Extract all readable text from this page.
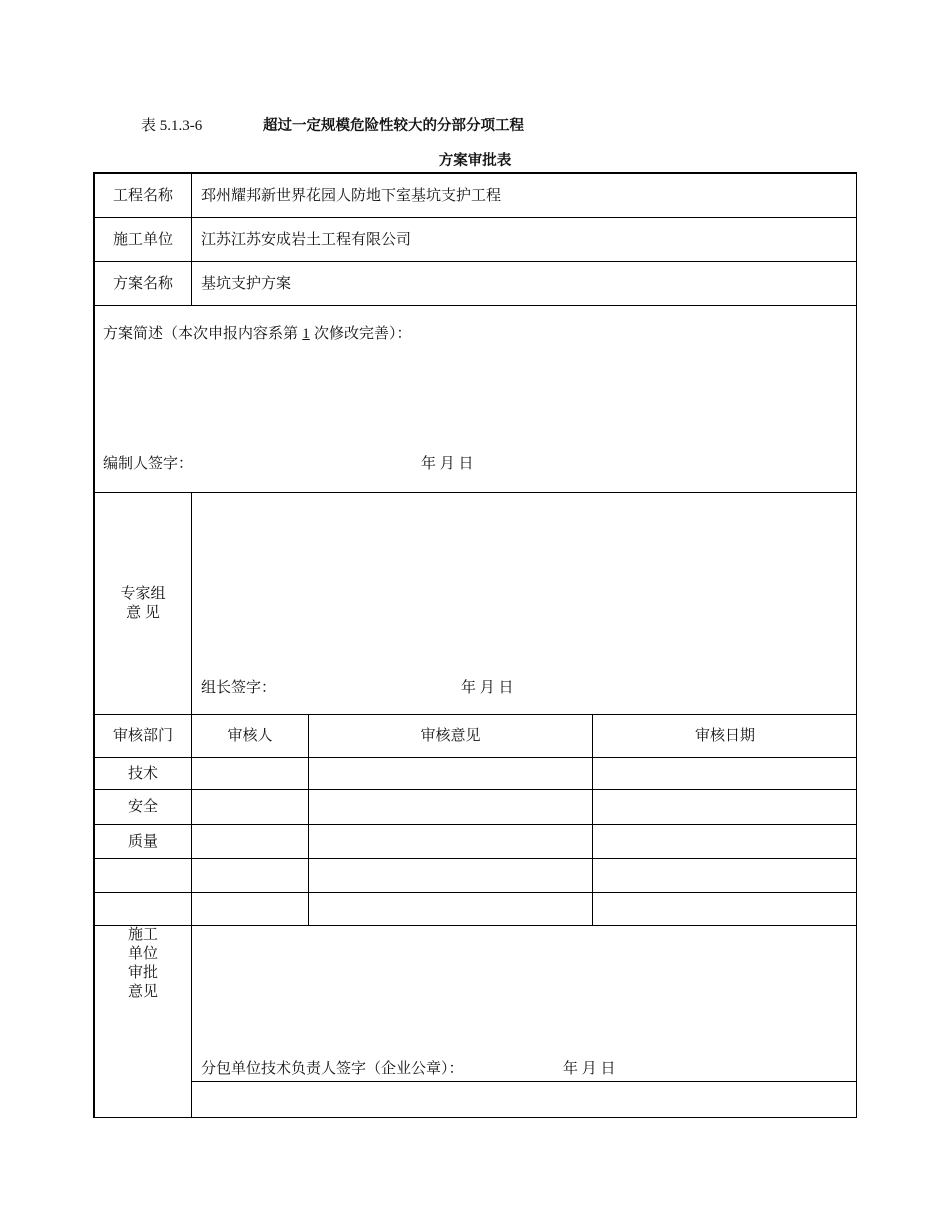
表 5.1.3-6	超过一定规模危险性较大的分部分项工程
方案审批表
工程名称	邳州耀邦新世界花园人防地下室基坑支护工程
施工单位	江苏江苏安成岩土工程有限公司
方案名称	基坑支护方案
方案简述（本次申报内容系第 1 次修改完善）：
编制人签字：	年 月 日
专家组
意 见
组长签字：	年 月 日
审核部门	审核人	审核意见	审核日期
技术
安全
质量
施工
单位
审批
意见
分包单位技术负责人签字（企业公章）：	年 月 日
